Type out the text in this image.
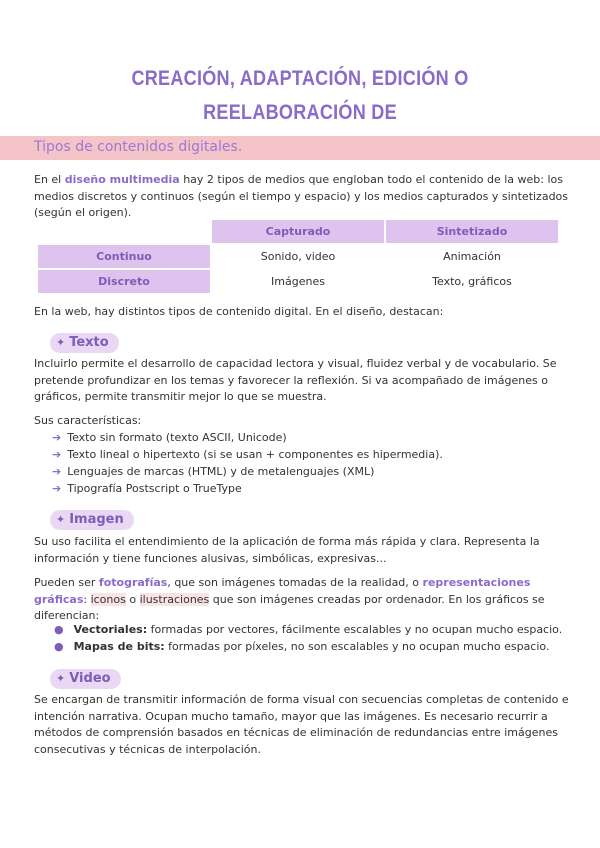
CREACIÓN, ADAPTACIÓN, EDICIÓN O REELABORACIÓN DE
Tipos de contenidos digitales.
En el diseño multimedia hay 2 tipos de medios que engloban todo el contenido de la web: los medios discretos y continuos (según el tiempo y espacio) y los medios capturados y sintetizados (según el origen).
	Capturado	Sintetizado
Continuo	Sonido, video	Animación
Discreto	Imágenes	Texto, gráficos
En la web, hay distintos tipos de contenido digital. En el diseño, destacan:
✦ Texto
Incluirlo permite el desarrollo de capacidad lectora y visual, fluidez verbal y de vocabulario. Se pretende profundizar en los temas y favorecer la reflexión. Si va acompañado de imágenes o gráficos, permite transmitir mejor lo que se muestra.
Sus características:
➔ Texto sin formato (texto ASCII, Unicode)
➔ Texto lineal o hipertexto (si se usan + componentes es hipermedia).
➔ Lenguajes de marcas (HTML) y de metalenguajes (XML)
➔ Tipografía Postscript o TrueType
✦ Imagen
Su uso facilita el entendimiento de la aplicación de forma más rápida y clara. Representa la información y tiene funciones alusivas, simbólicas, expresivas...
Pueden ser fotografías, que son imágenes tomadas de la realidad, o representaciones gráficas: iconos o ilustraciones que son imágenes creadas por ordenador. En los gráficos se diferencian:
● Vectoriales: formadas por vectores, fácilmente escalables y no ocupan mucho espacio.
● Mapas de bits: formadas por píxeles, no son escalables y no ocupan mucho espacio.
✦ Video
Se encargan de transmitir información de forma visual con secuencias completas de contenido e intención narrativa. Ocupan mucho tamaño, mayor que las imágenes. Es necesario recurrir a métodos de comprensión basados en técnicas de eliminación de redundancias entre imágenes consecutivas y técnicas de interpolación.
